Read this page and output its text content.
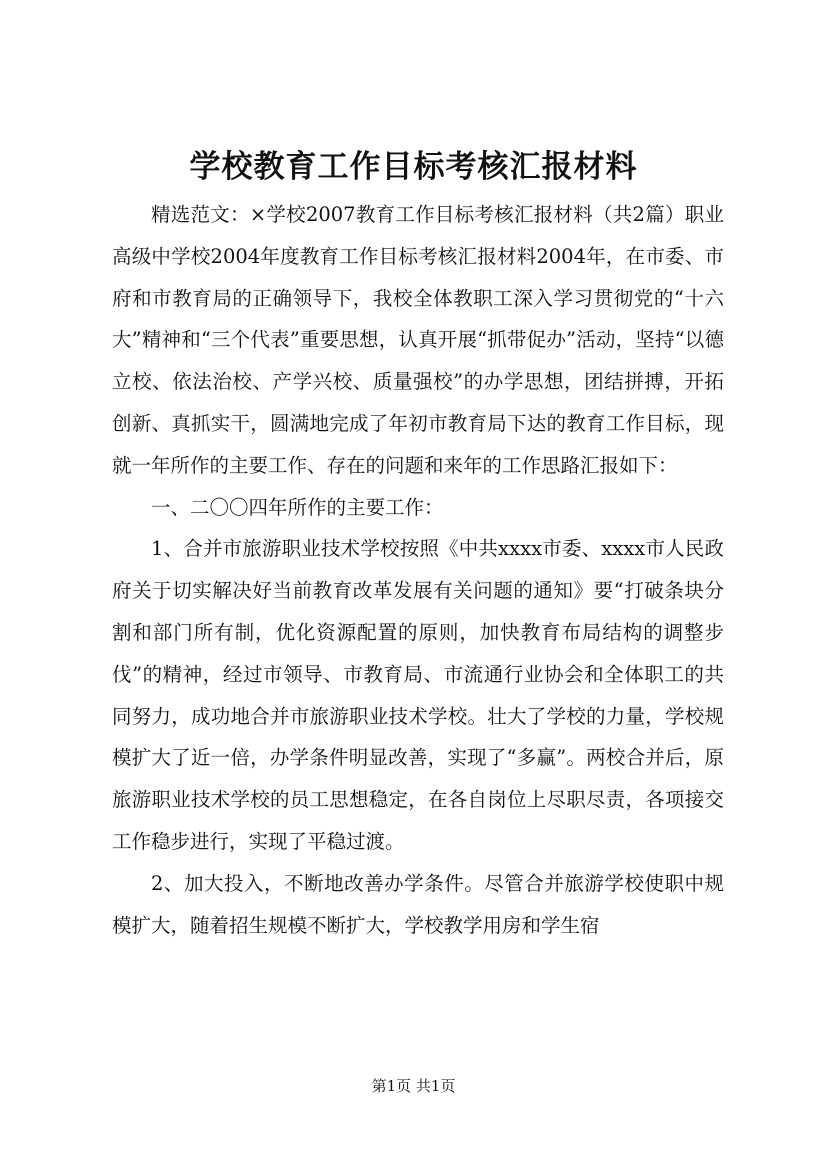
学校教育工作目标考核汇报材料

精选范文：×学校2007教育工作目标考核汇报材料（共2篇）职业高级中学校2004年度教育工作目标考核汇报材料2004年，在市委、市府和市教育局的正确领导下，我校全体教职工深入学习贯彻党的“十六大”精神和“三个代表”重要思想，认真开展“抓带促办”活动，坚持“以德立校、依法治校、产学兴校、质量强校”的办学思想，团结拼搏，开拓创新、真抓实干，圆满地完成了年初市教育局下达的教育工作目标，现就一年所作的主要工作、存在的问题和来年的工作思路汇报如下：

一、二〇〇四年所作的主要工作：

1、合并市旅游职业技术学校按照《中共xxxx市委、xxxx市人民政府关于切实解决好当前教育改革发展有关问题的通知》要“打破条块分割和部门所有制，优化资源配置的原则，加快教育布局结构的调整步伐”的精神，经过市领导、市教育局、市流通行业协会和全体职工的共同努力，成功地合并市旅游职业技术学校。壮大了学校的力量，学校规模扩大了近一倍，办学条件明显改善，实现了“多赢”。两校合并后，原旅游职业技术学校的员工思想稳定，在各自岗位上尽职尽责，各项接交工作稳步进行，实现了平稳过渡。

2、加大投入，不断地改善办学条件。尽管合并旅游学校使职中规模扩大，随着招生规模不断扩大，学校教学用房和学生宿

第1页 共1页
